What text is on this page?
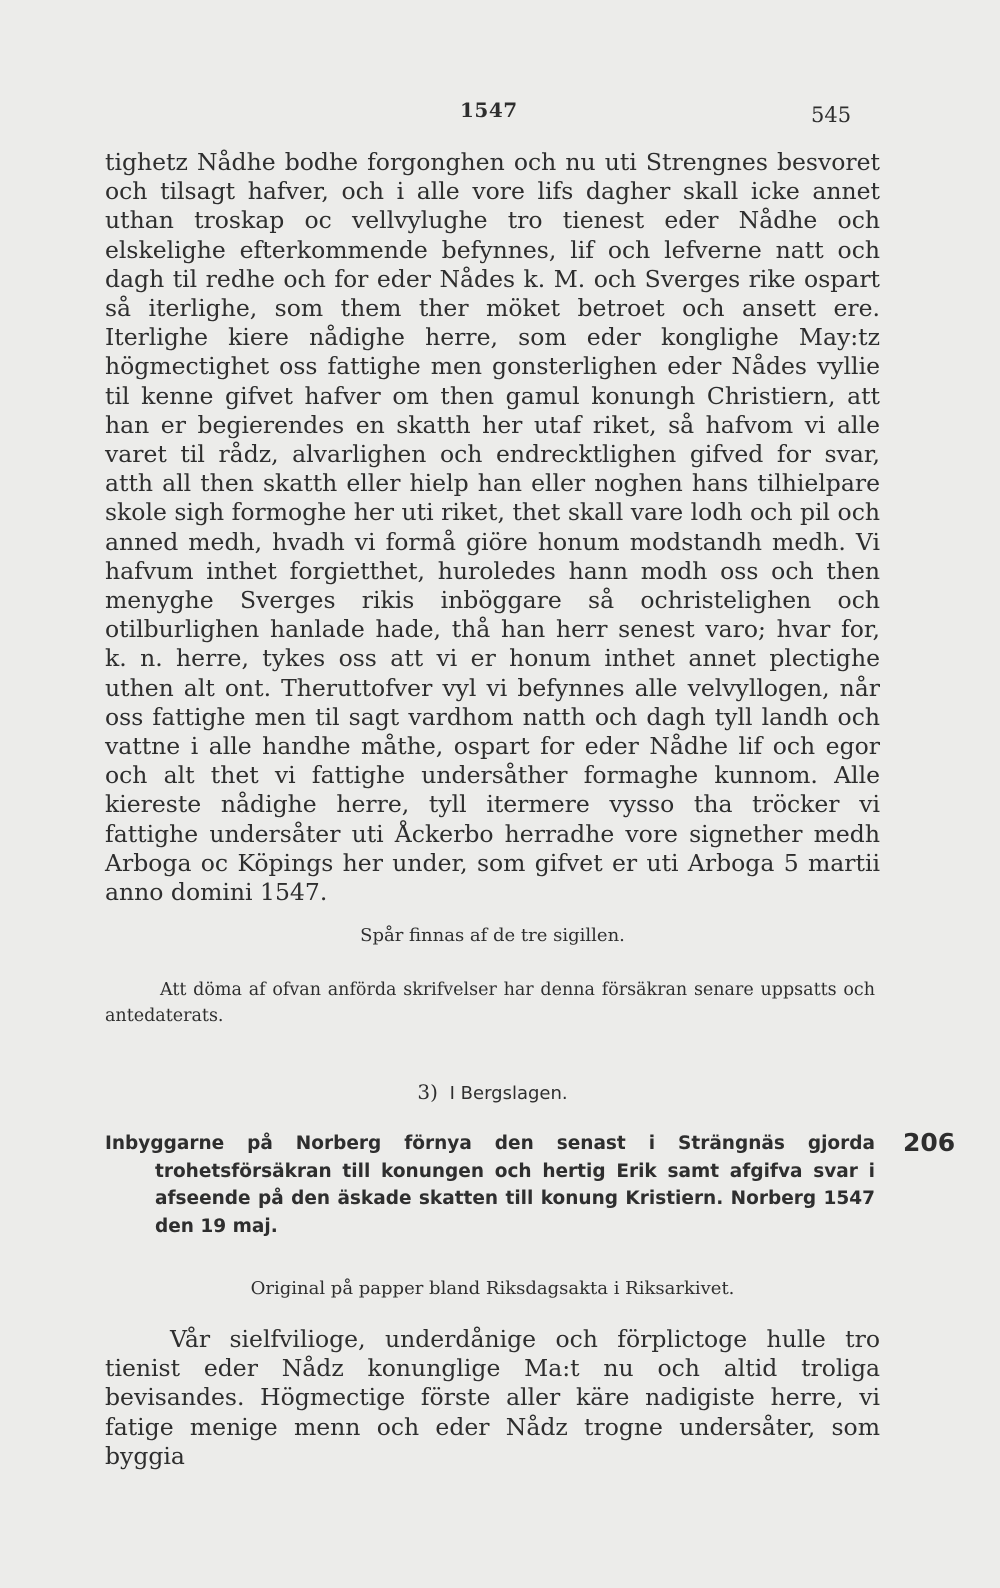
1547	545

tighetz Nådhe bodhe forgonghen och nu uti Strengnes besvoret och tilsagt hafver, och i alle vore lifs dagher skall icke annet uthan troskap oc vellvylughe tro tienest eder Nådhe och elskelighe efterkommende befynnes, lif och lefverne natt och dagh til redhe och for eder Nådes k. M. och Sverges rike ospart så iterlighe, som them ther möket betroet och ansett ere. Iterlighe kiere nådighe herre, som eder konglighe May:tz högmectighet oss fattighe men gonsterlighen eder Nådes vyllie til kenne gifvet hafver om then gamul konungh Christiern, att han er begierendes en skatth her utaf riket, så hafvom vi alle varet til rådz, alvarlighen och endrecktlighen gifved for svar, atth all then skatth eller hielp han eller noghen hans tilhielpare skole sigh formoghe her uti riket, thet skall vare lodh och pil och anned medh, hvadh vi formå giöre honum modstandh medh. Vi hafvum inthet forgietthet, huroledes hann modh oss och then menyghe Sverges rikis inböggare så ochristelighen och otilburlighen hanlade hade, thå han herr senest varo; hvar for, k. n. herre, tykes oss att vi er honum inthet annet plectighe uthen alt ont. Theruttofver vyl vi befynnes alle velvyllogen, når oss fattighe men til sagt vardhom natth och dagh tyll landh och vattne i alle handhe måthe, ospart for eder Nådhe lif och egor och alt thet vi fattighe undersåther formaghe kunnom. Alle kiereste nådighe herre, tyll itermere vysso tha tröcker vi fattighe undersåter uti Åckerbo herradhe vore signether medh Arboga oc Köpings her under, som gifvet er uti Arboga 5 martii anno domini 1547.

Spår finnas af de tre sigillen.
Att döma af ofvan anförda skrifvelser har denna försäkran senare uppsatts och antedaterats.
3) I Bergslagen.
206
Inbyggarne på Norberg förnya den senast i Strängnäs gjorda trohetsförsäkran till konungen och hertig Erik samt afgifva svar i afseende på den äskade skatten till konung Kristiern. Norberg 1547 den 19 maj.
Original på papper bland Riksdagsakta i Riksarkivet.

Vår sielfvilioge, underdånige och förplictoge hulle tro tienist eder Nådz konunglige Ma:t nu och altid troliga bevisandes. Högmectige förste aller käre nadigiste herre, vi fatige menige menn och eder Nådz trogne undersåter, som byggia
